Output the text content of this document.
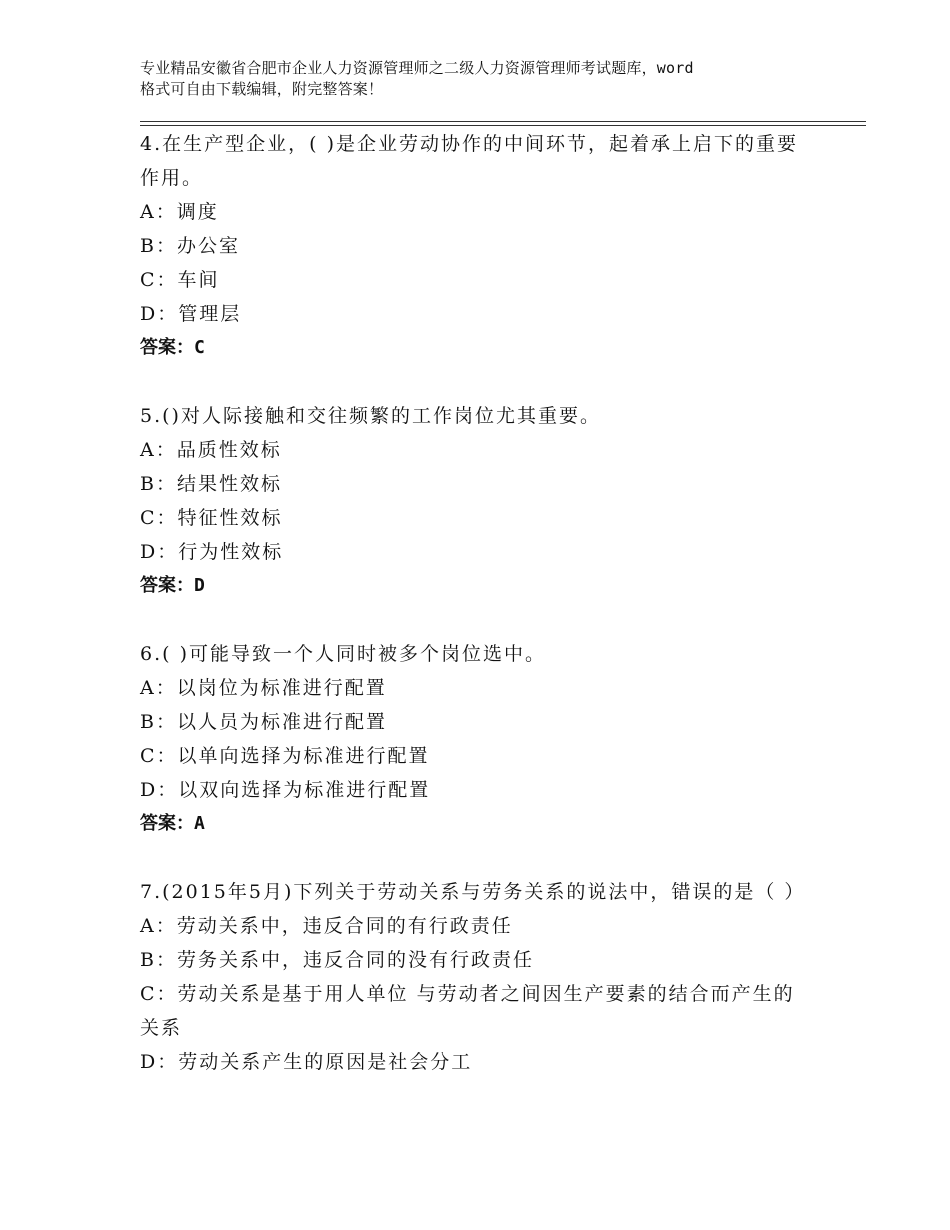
专业精品安徽省合肥市企业人力资源管理师之二级人力资源管理师考试题库，word
格式可自由下载编辑，附完整答案！
4.在生产型企业，( )是企业劳动协作的中间环节，起着承上启下的重要作用。
A：调度
B：办公室
C：车间
D：管理层
答案：C
5.()对人际接触和交往频繁的工作岗位尤其重要。
A：品质性效标
B：结果性效标
C：特征性效标
D：行为性效标
答案：D
6.( )可能导致一个人同时被多个岗位选中。
A：以岗位为标准进行配置
B：以人员为标准进行配置
C：以单向选择为标准进行配置
D：以双向选择为标准进行配置
答案：A
7.(2015年5月)下列关于劳动关系与劳务关系的说法中，错误的是（ ）
A：劳动关系中，违反合同的有行政责任
B：劳务关系中，违反合同的没有行政责任
C：劳动关系是基于用人单位 与劳动者之间因生产要素的结合而产生的关系
D：劳动关系产生的原因是社会分工
